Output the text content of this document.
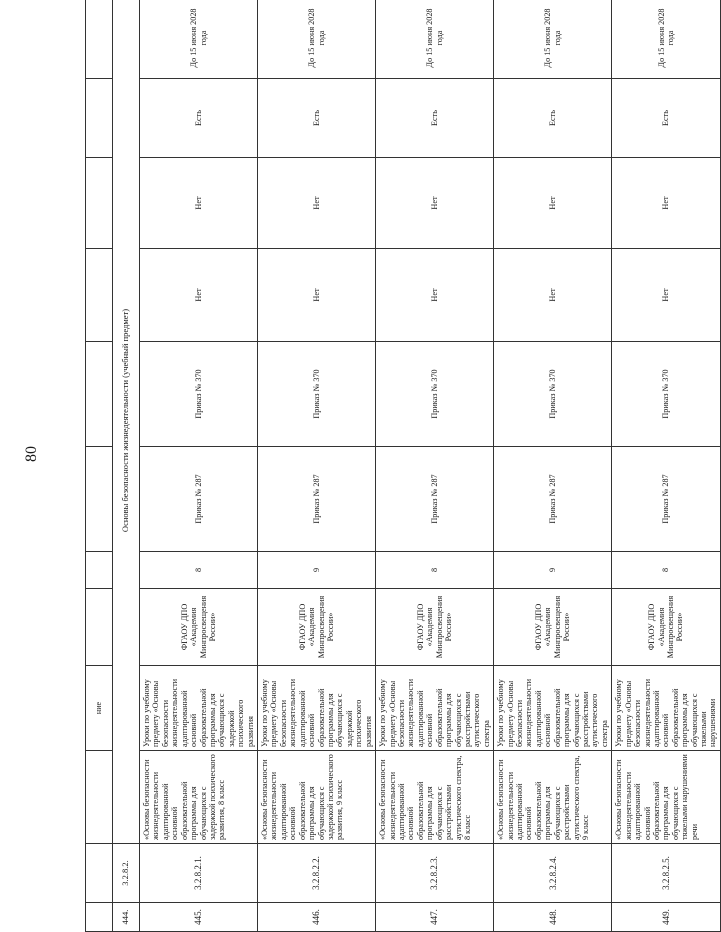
80
			ние								
444.	3.2.8.2.	Основы безопасности жизнедеятельности (учебный предмет)									
445.	3.2.8.2.1.	«Основы безопасности жизнедеятельности адаптированной основной образовательной программы для обучающихся с задержкой психического развития, 8 класс	Уроки по учебному предмету «Основы безопасности жизнедеятельности адаптированной основной образовательной программы для обучающихся с задержкой психического развития	ФГАОУ ДПО «Академия Минпросвещения России»	8	Приказ № 287	Приказ № 370	Нет	Нет	Есть	До 15 июня 2028 года
446.	3.2.8.2.2.	«Основы безопасности жизнедеятельности адаптированной основной образовательной программы для обучающихся с задержкой психического развития, 9 класс	Уроки по учебному предмету «Основы безопасности жизнедеятельности адаптированной основной образовательной программы для обучающихся с задержкой психического развития	ФГАОУ ДПО «Академия Минпросвещения России»	9	Приказ № 287	Приказ № 370	Нет	Нет	Есть	До 15 июня 2028 года
447.	3.2.8.2.3.	«Основы безопасности жизнедеятельности адаптированной основной образовательной программы для обучающихся с расстройствами аутистического спектра, 8 класс	Уроки по учебному предмету «Основы безопасности жизнедеятельности адаптированной основной образовательной программы для обучающихся с расстройствами аутистического спектра	ФГАОУ ДПО «Академия Минпросвещения России»	8	Приказ № 287	Приказ № 370	Нет	Нет	Есть	До 15 июня 2028 года
448.	3.2.8.2.4.	«Основы безопасности жизнедеятельности адаптированной основной образовательной программы для обучающихся с расстройствами аутистического спектра, 9 класс	Уроки по учебному предмету «Основы безопасности жизнедеятельности адаптированной основной образовательной программы для обучающихся с расстройствами аутистического спектра	ФГАОУ ДПО «Академия Минпросвещения России»	9	Приказ № 287	Приказ № 370	Нет	Нет	Есть	До 15 июня 2028 года
449.	3.2.8.2.5.	«Основы безопасности жизнедеятельности адаптированной основной образовательной программы для обучающихся с тяжелыми нарушениями речи	Уроки по учебному предмету «Основы безопасности жизнедеятельности адаптированной основной образовательной программы для обучающихся с тяжелыми нарушениями	ФГАОУ ДПО «Академия Минпросвещения России»	8	Приказ № 287	Приказ № 370	Нет	Нет	Есть	До 15 июня 2028 года
